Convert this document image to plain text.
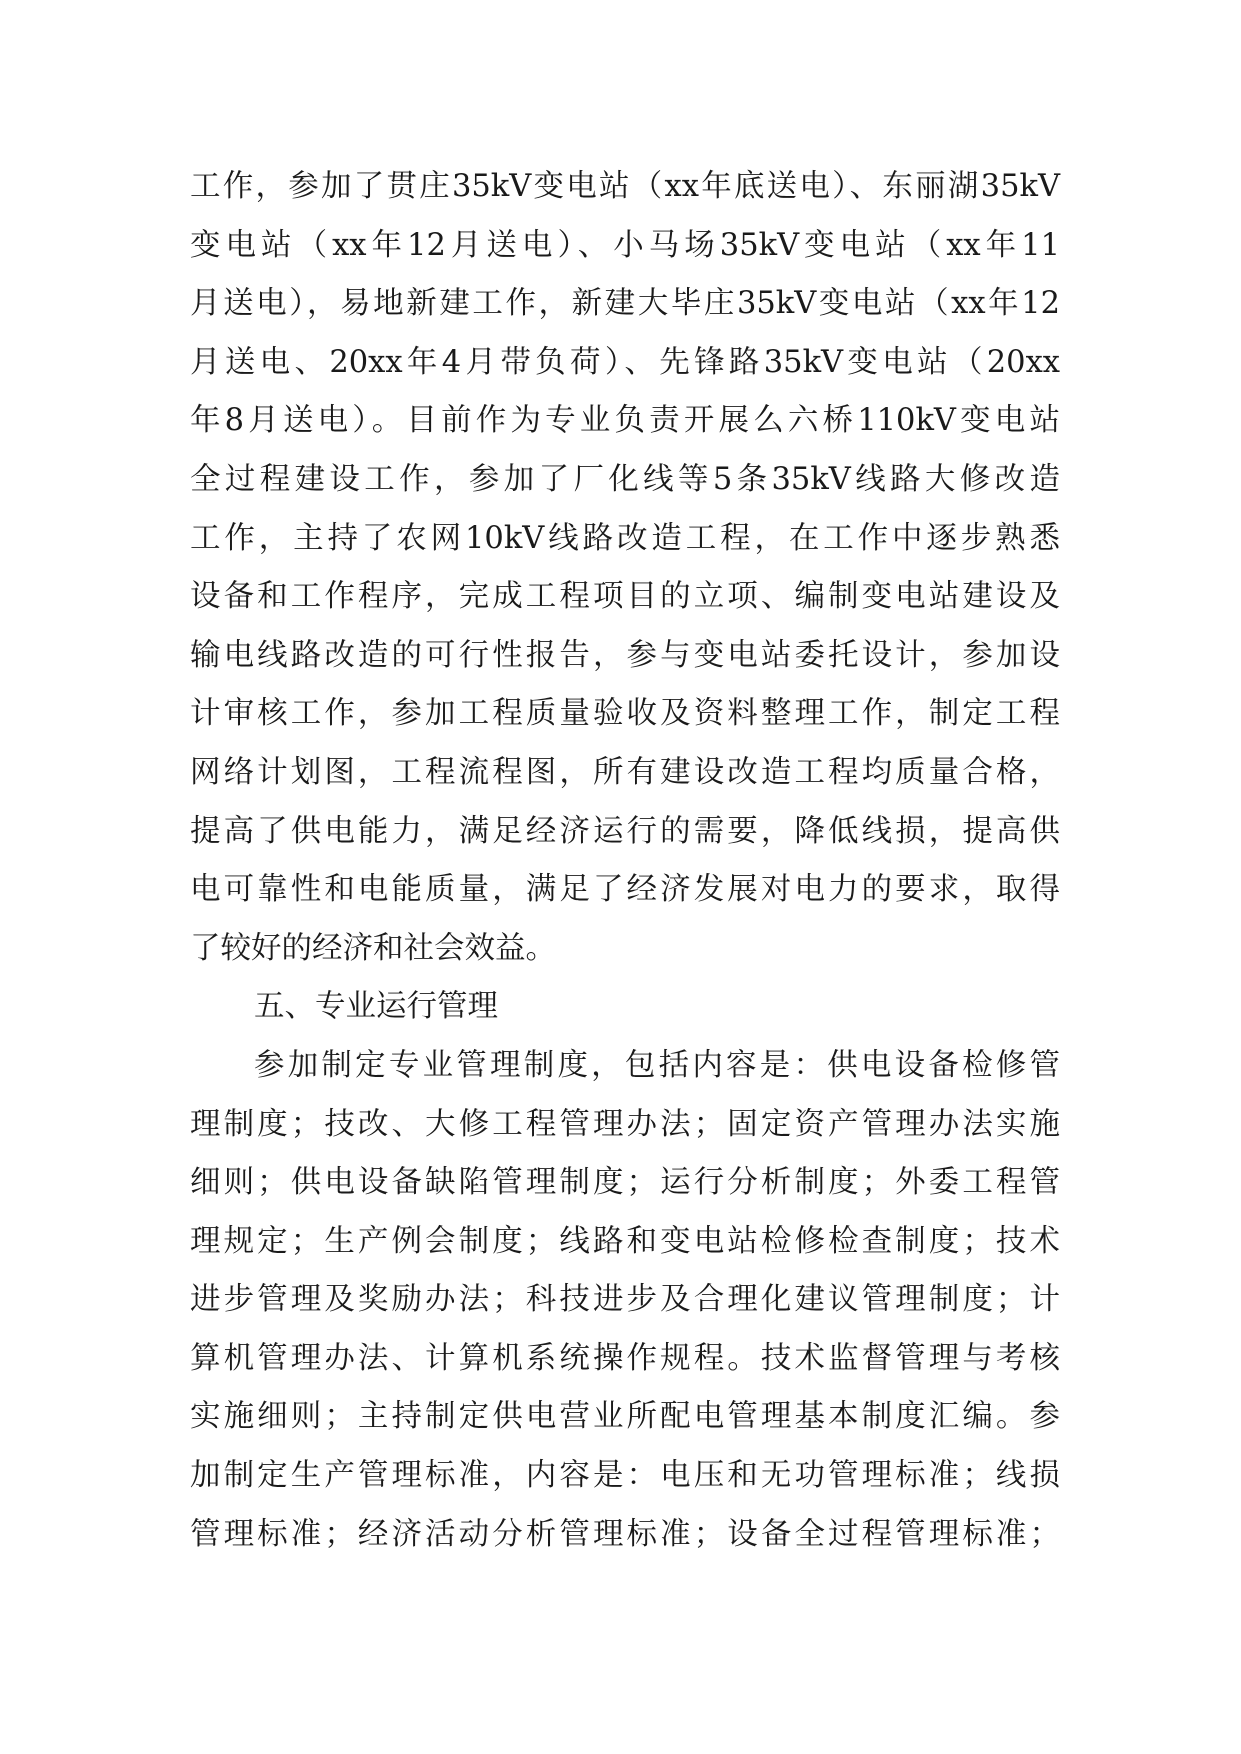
工作，参加了贯庄35kV变电站（xx年底送电）、东丽湖35kV
变电站（xx年12月送电）、小马场35kV变电站（xx年11
月送电），易地新建工作，新建大毕庄35kV变电站（xx年12
月送电、20xx年4月带负荷）、先锋路35kV变电站（20xx
年8月送电）。目前作为专业负责开展么六桥110kV变电站
全过程建设工作，参加了厂化线等5条35kV线路大修改造
工作，主持了农网10kV线路改造工程，在工作中逐步熟悉
设备和工作程序，完成工程项目的立项、编制变电站建设及
输电线路改造的可行性报告，参与变电站委托设计，参加设
计审核工作，参加工程质量验收及资料整理工作，制定工程
网络计划图，工程流程图，所有建设改造工程均质量合格，
提高了供电能力，满足经济运行的需要，降低线损，提高供
电可靠性和电能质量，满足了经济发展对电力的要求，取得
了较好的经济和社会效益。
五、专业运行管理
参加制定专业管理制度，包括内容是：供电设备检修管
理制度；技改、大修工程管理办法；固定资产管理办法实施
细则；供电设备缺陷管理制度；运行分析制度；外委工程管
理规定；生产例会制度；线路和变电站检修检查制度；技术
进步管理及奖励办法；科技进步及合理化建议管理制度；计
算机管理办法、计算机系统操作规程。技术监督管理与考核
实施细则；主持制定供电营业所配电管理基本制度汇编。参
加制定生产管理标准，内容是：电压和无功管理标准；线损
管理标准；经济活动分析管理标准；设备全过程管理标准；
